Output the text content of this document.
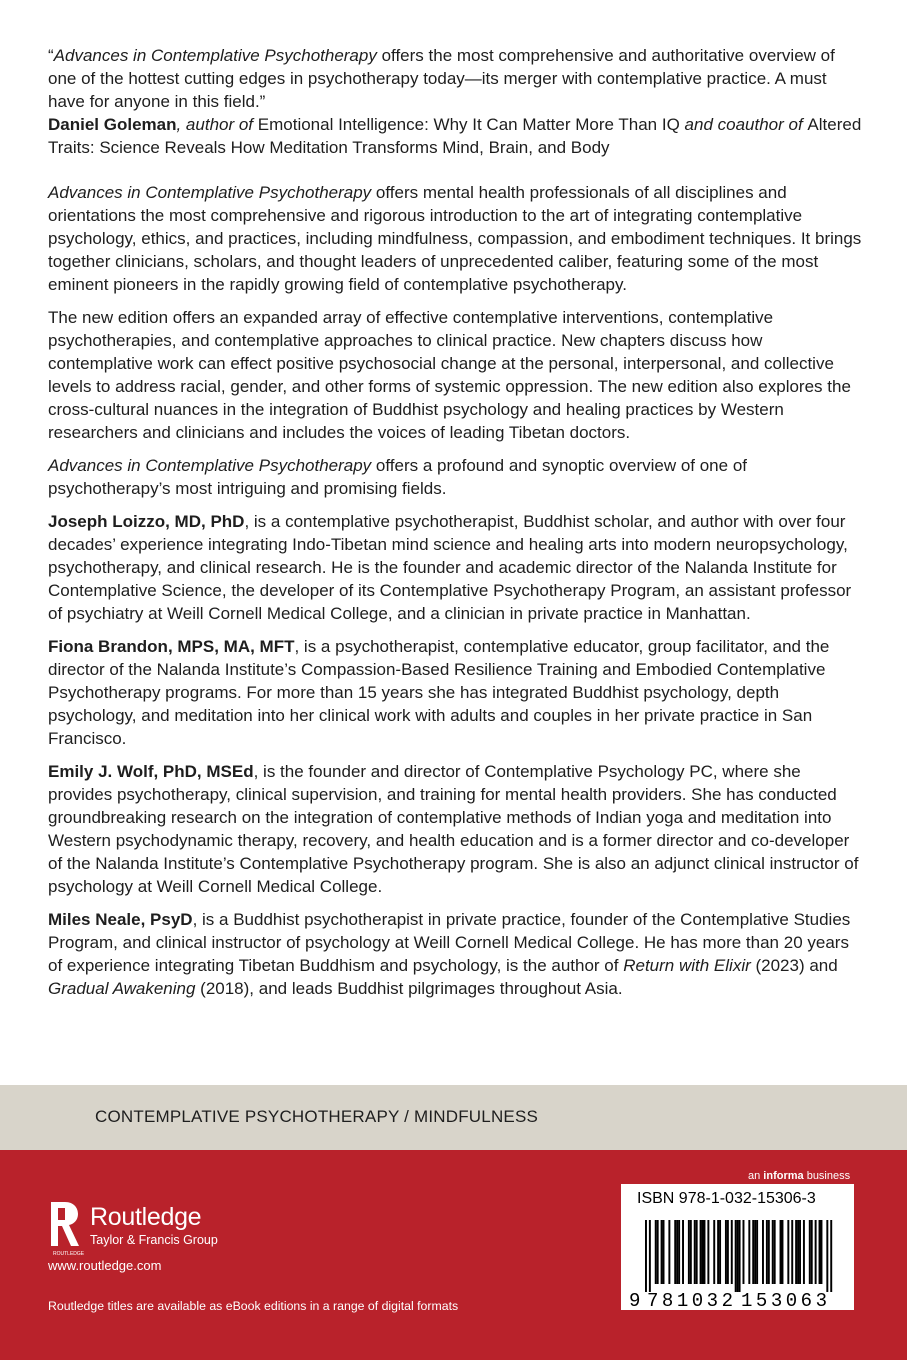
“Advances in Contemplative Psychotherapy offers the most comprehensive and authoritative overview of one of the hottest cutting edges in psychotherapy today—its merger with contemplative practice. A must have for anyone in this field.”
Daniel Goleman, author of Emotional Intelligence: Why It Can Matter More Than IQ and coauthor of Altered Traits: Science Reveals How Meditation Transforms Mind, Brain, and Body

Advances in Contemplative Psychotherapy offers mental health professionals of all disciplines and orientations the most comprehensive and rigorous introduction to the art of integrating contemplative psychology, ethics, and practices, including mindfulness, compassion, and embodiment techniques. It brings together clinicians, scholars, and thought leaders of unprecedented caliber, featuring some of the most eminent pioneers in the rapidly growing field of contemplative psychotherapy.

The new edition offers an expanded array of effective contemplative interventions, contemplative psychotherapies, and contemplative approaches to clinical practice. New chapters discuss how contemplative work can effect positive psychosocial change at the personal, interpersonal, and collective levels to address racial, gender, and other forms of systemic oppression. The new edition also explores the cross-cultural nuances in the integration of Buddhist psychology and healing practices by Western researchers and clinicians and includes the voices of leading Tibetan doctors.

Advances in Contemplative Psychotherapy offers a profound and synoptic overview of one of psychotherapy’s most intriguing and promising fields.

Joseph Loizzo, MD, PhD, is a contemplative psychotherapist, Buddhist scholar, and author with over four decades’ experience integrating Indo-Tibetan mind science and healing arts into modern neuropsychology, psychotherapy, and clinical research. He is the founder and academic director of the Nalanda Institute for Contemplative Science, the developer of its Contemplative Psychotherapy Program, an assistant professor of psychiatry at Weill Cornell Medical College, and a clinician in private practice in Manhattan.

Fiona Brandon, MPS, MA, MFT, is a psychotherapist, contemplative educator, group facilitator, and the director of the Nalanda Institute’s Compassion-Based Resilience Training and Embodied Contemplative Psychotherapy programs. For more than 15 years she has integrated Buddhist psychology, depth psychology, and meditation into her clinical work with adults and couples in her private practice in San Francisco.

Emily J. Wolf, PhD, MSEd, is the founder and director of Contemplative Psychology PC, where she provides psychotherapy, clinical supervision, and training for mental health providers. She has conducted groundbreaking research on the integration of contemplative methods of Indian yoga and meditation into Western psychodynamic therapy, recovery, and health education and is a former director and co-developer of the Nalanda Institute’s Contemplative Psychotherapy program. She is also an adjunct clinical instructor of psychology at Weill Cornell Medical College.

Miles Neale, PsyD, is a Buddhist psychotherapist in private practice, founder of the Contemplative Studies Program, and clinical instructor of psychology at Weill Cornell Medical College. He has more than 20 years of experience integrating Tibetan Buddhism and psychology, is the author of Return with Elixir (2023) and Gradual Awakening (2018), and leads Buddhist pilgrimages throughout Asia.

CONTEMPLATIVE PSYCHOTHERAPY / MINDFULNESS
ROUTLEDGE
Routledge
Taylor & Francis Group
www.routledge.com
Routledge titles are available as eBook editions in a range of digital formats
an informa business
ISBN 978-1-032-15306-3
9 781032 153063
